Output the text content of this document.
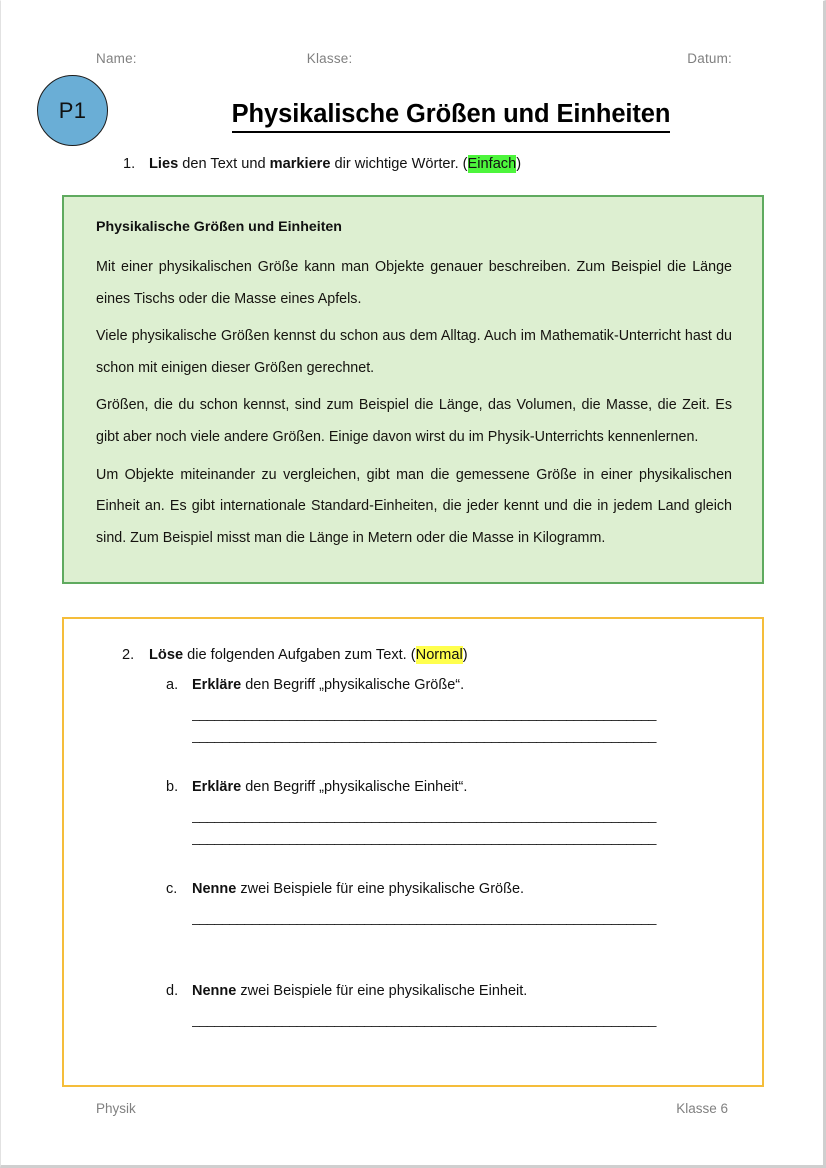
Name:	Klasse:	Datum:
P1	Physikalische Größen und Einheiten
1. Lies den Text und markiere dir wichtige Wörter. (Einfach)
Physikalische Größen und Einheiten

Mit einer physikalischen Größe kann man Objekte genauer beschreiben. Zum Beispiel die Länge eines Tischs oder die Masse eines Apfels.

Viele physikalische Größen kennst du schon aus dem Alltag. Auch im Mathematik-Unterricht hast du schon mit einigen dieser Größen gerechnet.

Größen, die du schon kennst, sind zum Beispiel die Länge, das Volumen, die Masse, die Zeit. Es gibt aber noch viele andere Größen. Einige davon wirst du im Physik-Unterrichts kennenlernen.

Um Objekte miteinander zu vergleichen, gibt man die gemessene Größe in einer physikalischen Einheit an. Es gibt internationale Standard-Einheiten, die jeder kennt und die in jedem Land gleich sind. Zum Beispiel misst man die Länge in Metern oder die Masse in Kilogramm.

2. Löse die folgenden Aufgaben zum Text. (Normal)
a. Erkläre den Begriff „physikalische Größe“.
______________________________________________________________
______________________________________________________________
b. Erkläre den Begriff „physikalische Einheit“.
______________________________________________________________
______________________________________________________________
c. Nenne zwei Beispiele für eine physikalische Größe.
______________________________________________________________
d. Nenne zwei Beispiele für eine physikalische Einheit.
______________________________________________________________
Physik	Klasse 6
